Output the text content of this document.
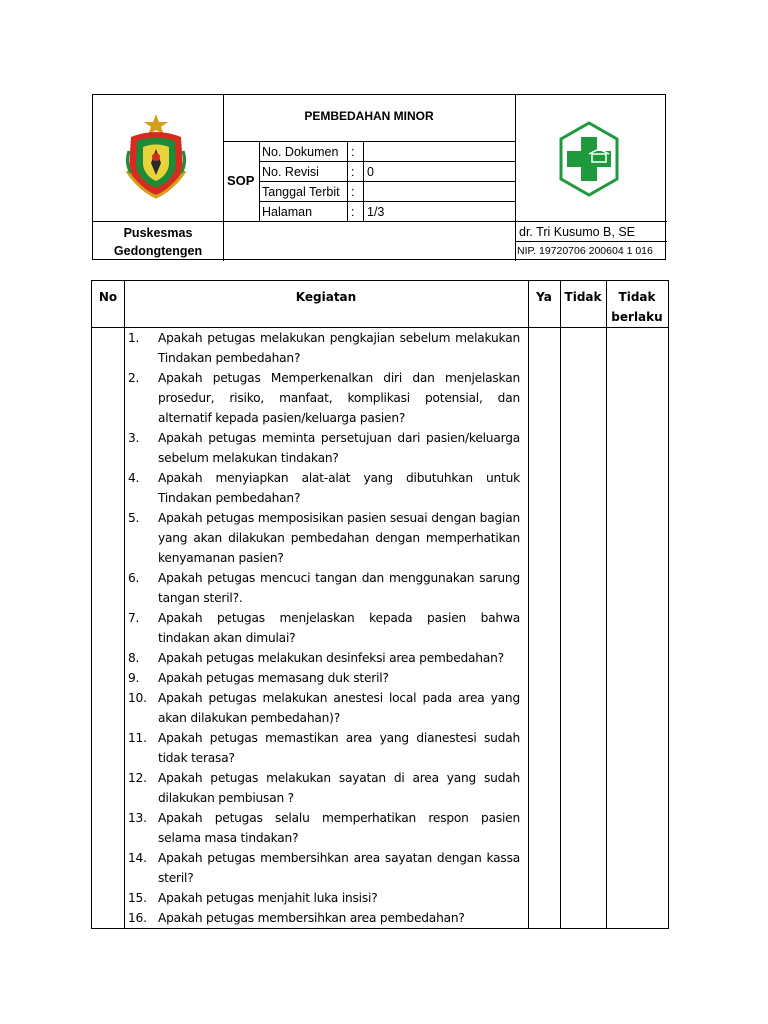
PEMBEDAHAN MINOR
SOP
No. Dokumen :
No. Revisi	: 0
Tanggal Terbit :
Halaman	: 1/3
Puskesmas
Gedongtengen
dr. Tri Kusumo B, SE
NIP. 19720706 200604 1 016
No	Kegiatan	Ya	Tidak	Tidak
berlaku
1. Apakah petugas melakukan pengkajian sebelum melakukan Tindakan pembedahan?
2. Apakah petugas Memperkenalkan diri dan menjelaskan prosedur, risiko, manfaat, komplikasi potensial, dan alternatif kepada pasien/keluarga pasien?
3. Apakah petugas meminta persetujuan dari pasien/keluarga sebelum melakukan tindakan?
4. Apakah menyiapkan alat-alat yang dibutuhkan untuk Tindakan pembedahan?
5. Apakah petugas memposisikan pasien sesuai dengan bagian yang akan dilakukan pembedahan dengan memperhatikan kenyamanan pasien?
6. Apakah petugas mencuci tangan dan menggunakan sarung tangan steril?.
7. Apakah petugas menjelaskan kepada pasien bahwa tindakan akan dimulai?
8. Apakah petugas melakukan desinfeksi area pembedahan?
9. Apakah petugas memasang duk steril?
10. Apakah petugas melakukan anestesi local pada area yang akan dilakukan pembedahan)?
11. Apakah petugas memastikan area yang dianestesi sudah tidak terasa?
12. Apakah petugas melakukan sayatan di area yang sudah dilakukan pembiusan ?
13. Apakah petugas selalu memperhatikan respon pasien selama masa tindakan?
14. Apakah petugas membersihkan area sayatan dengan kassa steril?
15. Apakah petugas menjahit luka insisi?
16. Apakah petugas membersihkan area pembedahan?
